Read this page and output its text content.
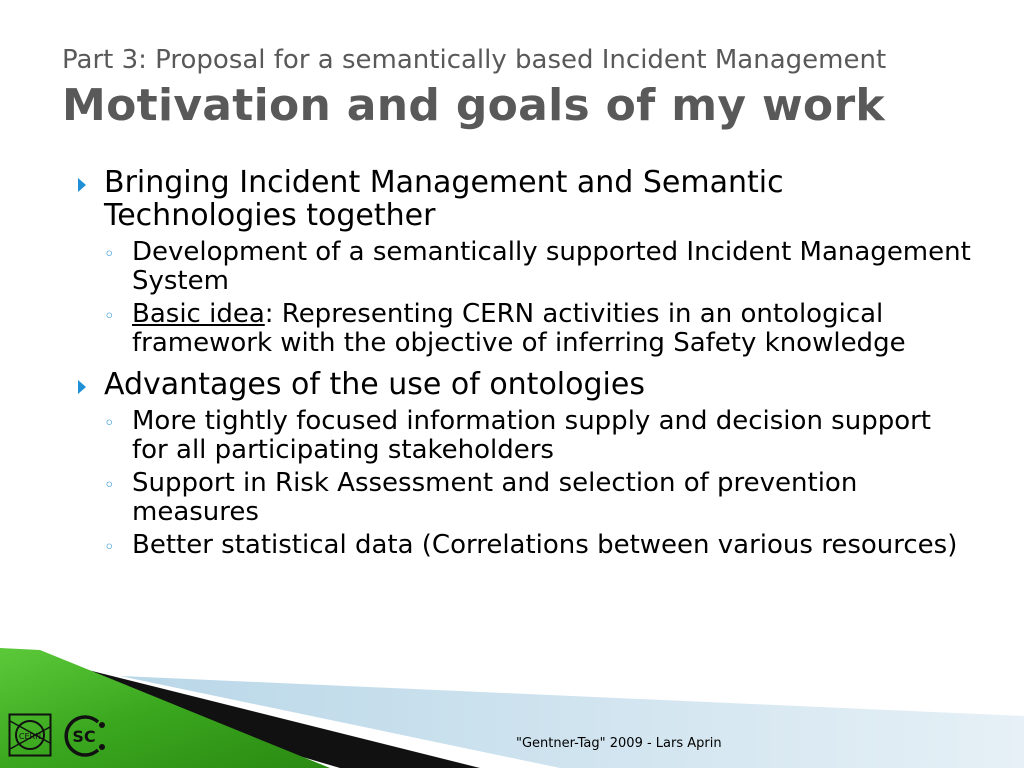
Part 3: Proposal for a semantically based Incident Management
Motivation and goals of my work
Bringing Incident Management and Semantic Technologies together
◦ Development of a semantically supported Incident Management System
◦ Basic idea: Representing CERN activities in an ontological framework with the objective of inferring Safety knowledge
Advantages of the use of ontologies
◦ More tightly focused information supply and decision support for all participating stakeholders
◦ Support in Risk Assessment and selection of prevention measures
◦ Better statistical data (Correlations between various resources)
CERN SC	"Gentner-Tag" 2009 - Lars Aprin
